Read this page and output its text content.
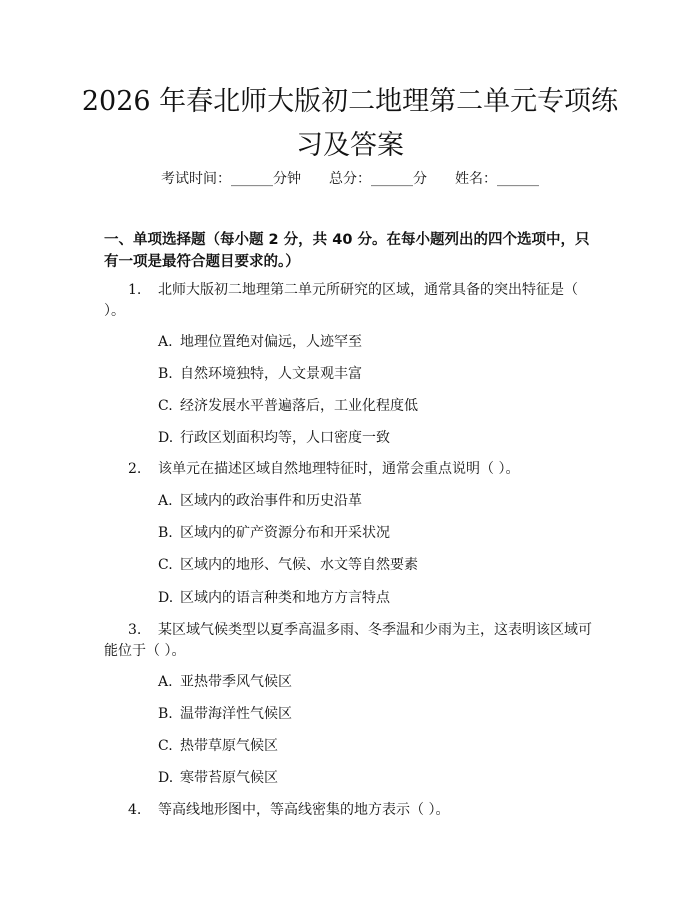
2026 年春北师大版初二地理第二单元专项练
习及答案
考试时间：______分钟 总分：______分 姓名：______
一、单项选择题（每小题 2 分，共 40 分。在每小题列出的四个选项中，只有一项是最符合题目要求的。）
1. 北师大版初二地理第二单元所研究的区域，通常具备的突出特征是（ ）。
A. 地理位置绝对偏远，人迹罕至
B. 自然环境独特，人文景观丰富
C. 经济发展水平普遍落后，工业化程度低
D. 行政区划面积均等，人口密度一致
2. 该单元在描述区域自然地理特征时，通常会重点说明（ ）。
A. 区域内的政治事件和历史沿革
B. 区域内的矿产资源分布和开采状况
C. 区域内的地形、气候、水文等自然要素
D. 区域内的语言种类和地方方言特点
3. 某区域气候类型以夏季高温多雨、冬季温和少雨为主，这表明该区域可能位于（ ）。
A. 亚热带季风气候区
B. 温带海洋性气候区
C. 热带草原气候区
D. 寒带苔原气候区
4. 等高线地形图中，等高线密集的地方表示（ ）。
